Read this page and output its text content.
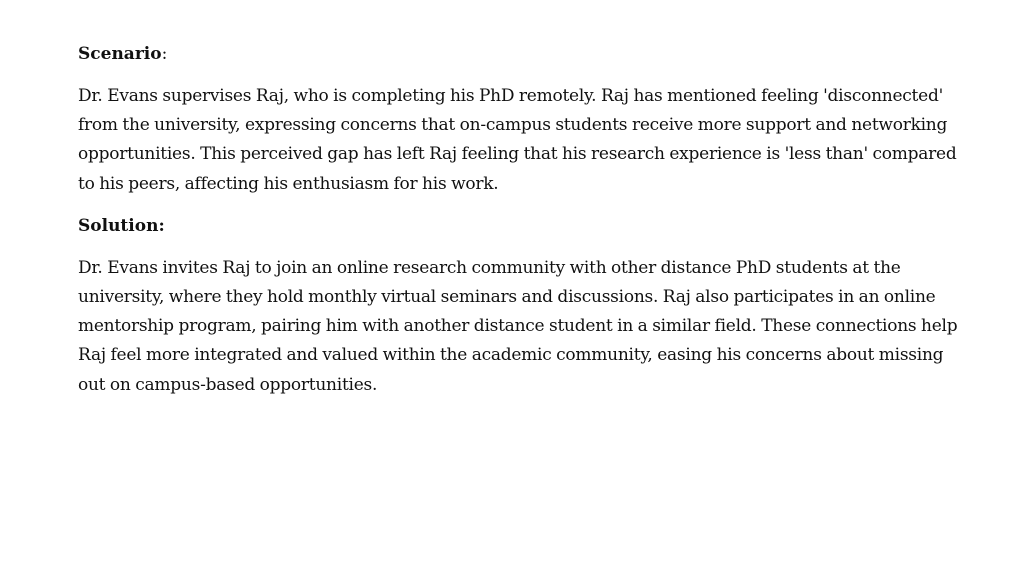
Scenario:

Dr. Evans supervises Raj, who is completing his PhD remotely. Raj has mentioned feeling 'disconnected' from the university, expressing concerns that on-campus students receive more support and networking opportunities. This perceived gap has left Raj feeling that his research experience is 'less than' compared to his peers, affecting his enthusiasm for his work.

Solution:

Dr. Evans invites Raj to join an online research community with other distance PhD students at the university, where they hold monthly virtual seminars and discussions. Raj also participates in an online mentorship program, pairing him with another distance student in a similar field. These connections help Raj feel more integrated and valued within the academic community, easing his concerns about missing out on campus-based opportunities.
